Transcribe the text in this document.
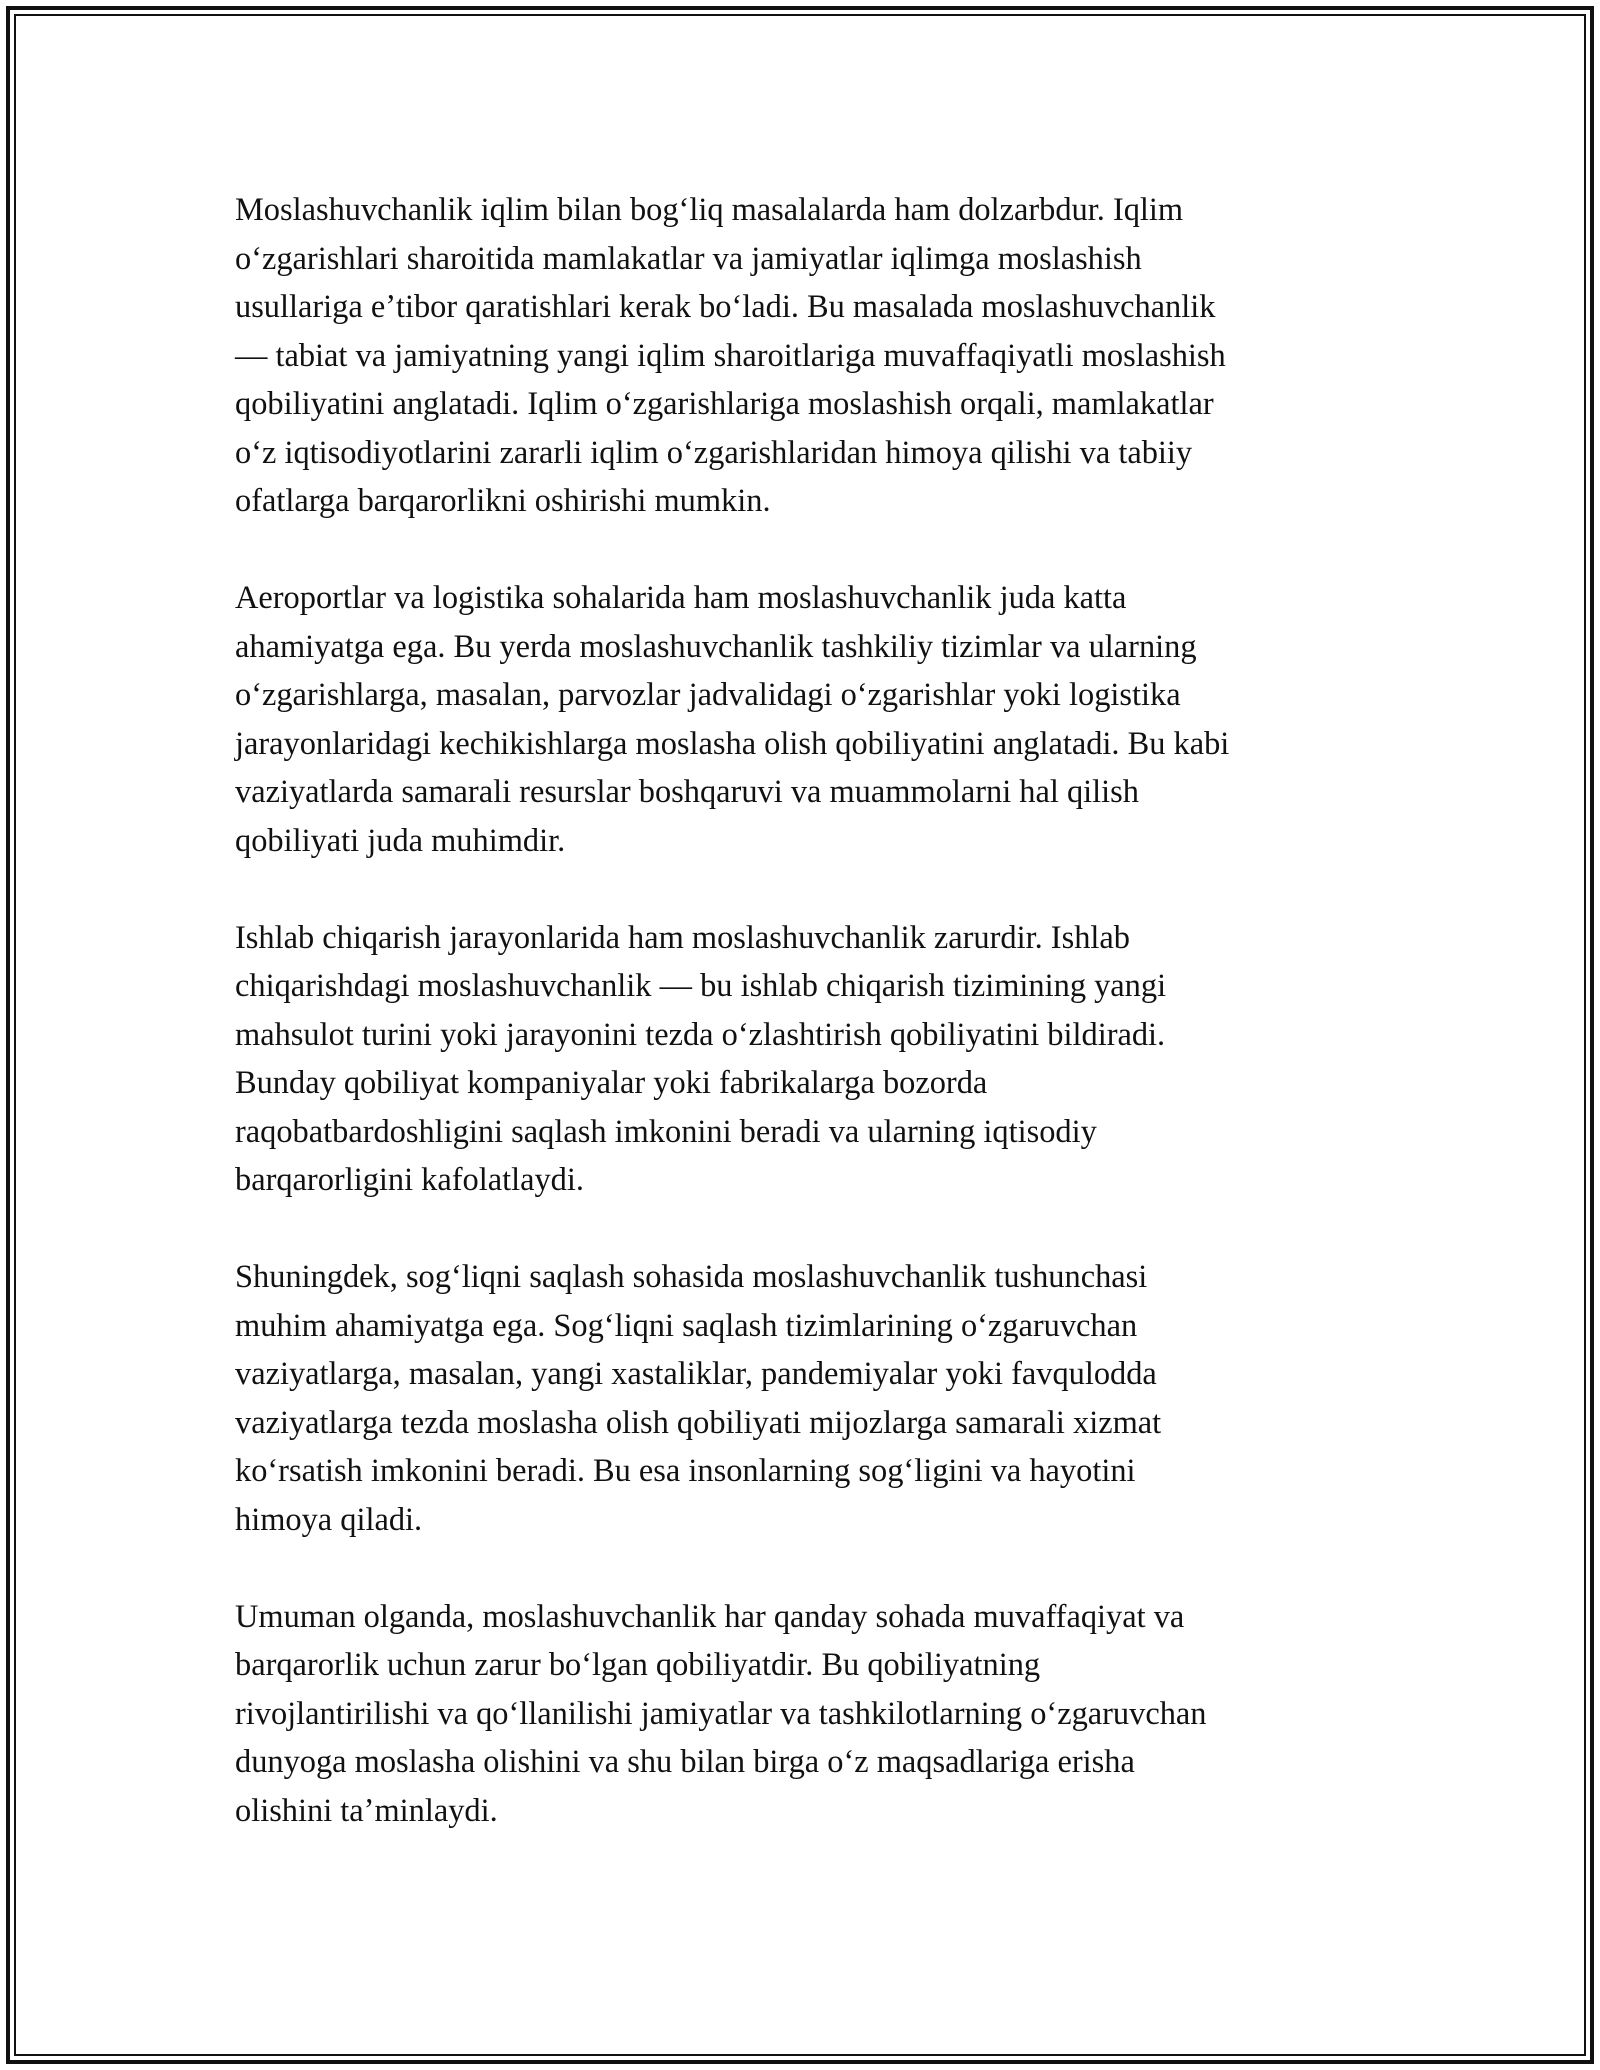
Moslashuvchanlik iqlim bilan bogʻliq masalalarda ham dolzarbdur. Iqlim
oʻzgarishlari sharoitida mamlakatlar va jamiyatlar iqlimga moslashish
usullariga eʼtibor qaratishlari kerak boʻladi. Bu masalada moslashuvchanlik
— tabiat va jamiyatning yangi iqlim sharoitlariga muvaffaqiyatli moslashish
qobiliyatini anglatadi. Iqlim oʻzgarishlariga moslashish orqali, mamlakatlar
oʻz iqtisodiyotlarini zararli iqlim oʻzgarishlaridan himoya qilishi va tabiiy
ofatlarga barqarorlikni oshirishi mumkin.

Aeroportlar va logistika sohalarida ham moslashuvchanlik juda katta
ahamiyatga ega. Bu yerda moslashuvchanlik tashkiliy tizimlar va ularning
oʻzgarishlarga, masalan, parvozlar jadvalidagi oʻzgarishlar yoki logistika
jarayonlaridagi kechikishlarga moslasha olish qobiliyatini anglatadi. Bu kabi
vaziyatlarda samarali resurslar boshqaruvi va muammolarni hal qilish
qobiliyati juda muhimdir.

Ishlab chiqarish jarayonlarida ham moslashuvchanlik zarurdir. Ishlab
chiqarishdagi moslashuvchanlik — bu ishlab chiqarish tizimining yangi
mahsulot turini yoki jarayonini tezda oʻzlashtirish qobiliyatini bildiradi.
Bunday qobiliyat kompaniyalar yoki fabrikalarga bozorda
raqobatbardoshligini saqlash imkonini beradi va ularning iqtisodiy
barqarorligini kafolatlaydi.

Shuningdek, sogʻliqni saqlash sohasida moslashuvchanlik tushunchasi
muhim ahamiyatga ega. Sogʻliqni saqlash tizimlarining oʻzgaruvchan
vaziyatlarga, masalan, yangi xastaliklar, pandemiyalar yoki favqulodda
vaziyatlarga tezda moslasha olish qobiliyati mijozlarga samarali xizmat
koʻrsatish imkonini beradi. Bu esa insonlarning sogʻligini va hayotini
himoya qiladi.

Umuman olganda, moslashuvchanlik har qanday sohada muvaffaqiyat va
barqarorlik uchun zarur boʻlgan qobiliyatdir. Bu qobiliyatning
rivojlantirilishi va qoʻllanilishi jamiyatlar va tashkilotlarning oʻzgaruvchan
dunyoga moslasha olishini va shu bilan birga oʻz maqsadlariga erisha
olishini taʼminlaydi.
